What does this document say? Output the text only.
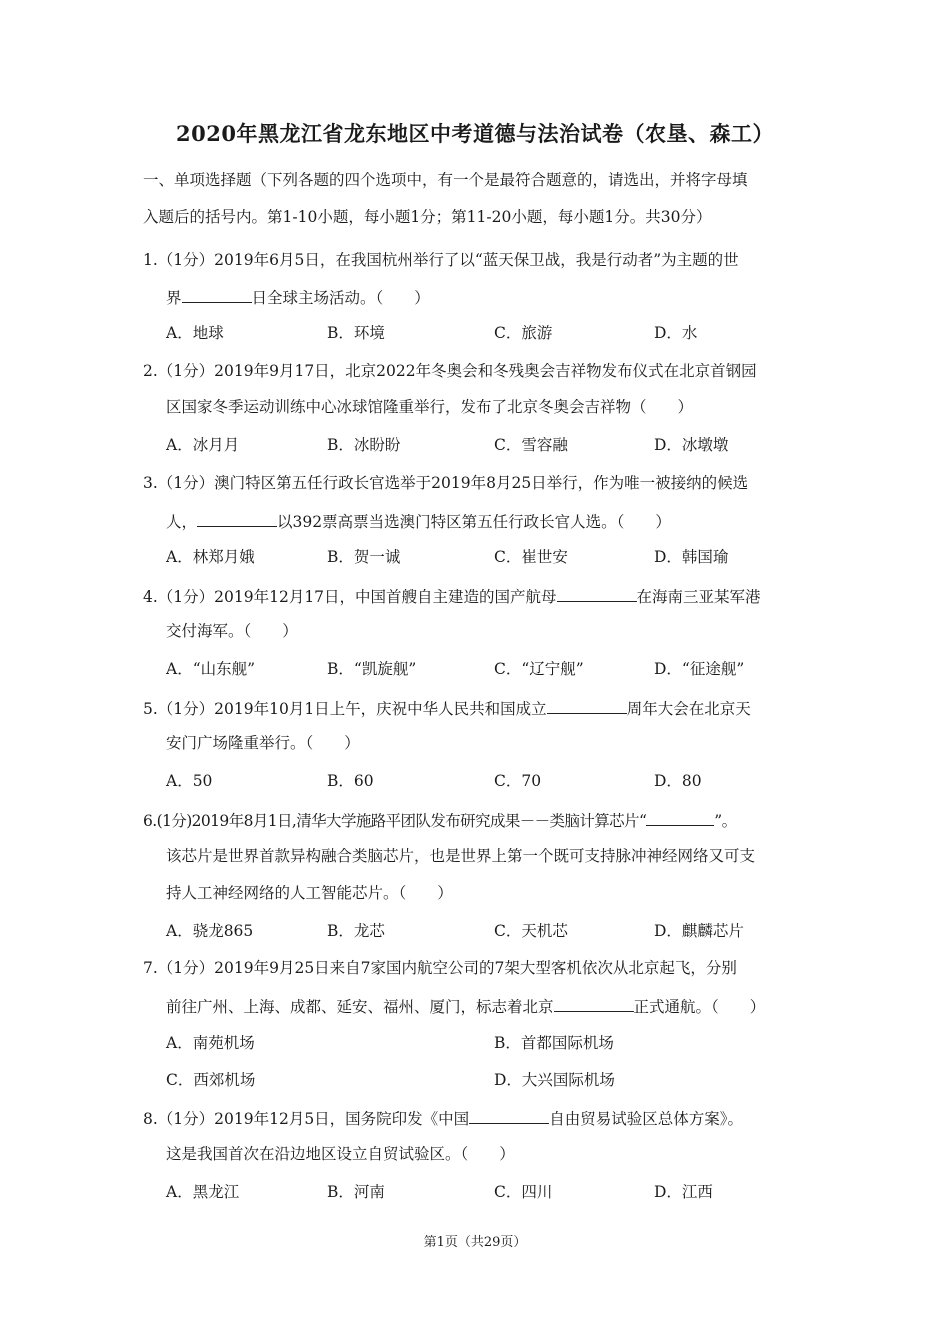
2020年黑龙江省龙东地区中考道德与法治试卷（农垦、森工）
一、单项选择题（下列各题的四个选项中，有一个是最符合题意的，请选出，并将字母填
入题后的括号内。第1-10小题，每小题1分；第11-20小题，每小题1分。共30分）
1.（1分）2019年6月5日，在我国杭州举行了以“蓝天保卫战，我是行动者”为主题的世
界	日全球主场活动。（　　）
A．地球	B．环境	C．旅游	D．水
2.（1分）2019年9月17日，北京2022年冬奥会和冬残奥会吉祥物发布仪式在北京首钢园
区国家冬季运动训练中心冰球馆隆重举行，发布了北京冬奥会吉祥物（　　）
A．冰月月	B．冰盼盼	C．雪容融	D．冰墩墩
3.（1分）澳门特区第五任行政长官选举于2019年8月25日举行，作为唯一被接纳的候选
人，	以392票高票当选澳门特区第五任行政长官人选。（　　）
A．林郑月娥	B．贺一诚	C．崔世安	D．韩国瑜
4.（1分）2019年12月17日，中国首艘自主建造的国产航母	在海南三亚某军港
交付海军。（　　）
A．“山东舰”	B．“凯旋舰”	C．“辽宁舰”	D．“征途舰”
5.（1分）2019年10月1日上午，庆祝中华人民共和国成立	周年大会在北京天
安门广场隆重举行。（　　）
A．50	B．60	C．70	D．80
6.(1分)2019年8月1日,清华大学施路平团队发布研究成果－－类脑计算芯片“	”。
该芯片是世界首款异构融合类脑芯片，也是世界上第一个既可支持脉冲神经网络又可支
持人工神经网络的人工智能芯片。（　　）
A．骁龙865	B．龙芯	C．天机芯	D．麒麟芯片
7.（1分）2019年9月25日来自7家国内航空公司的7架大型客机依次从北京起飞，分别
前往广州、上海、成都、延安、福州、厦门，标志着北京	正式通航。（　　）
A．南苑机场	B．首都国际机场
C．西郊机场	D．大兴国际机场
8.（1分）2019年12月5日，国务院印发《中国	自由贸易试验区总体方案》。
这是我国首次在沿边地区设立自贸试验区。（　　）
A．黑龙江	B．河南	C．四川	D．江西
第1页（共29页）
